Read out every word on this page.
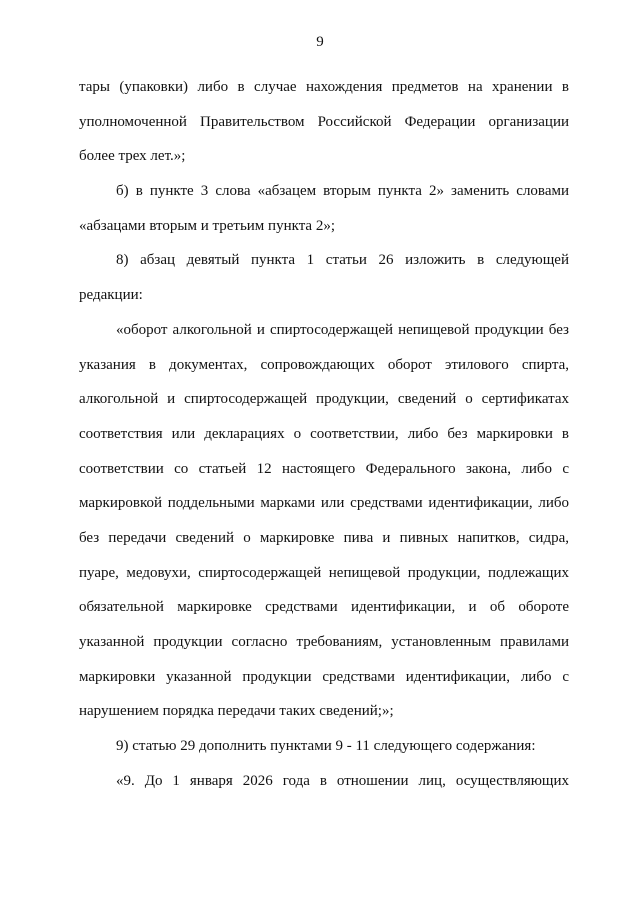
9
тары (упаковки) либо в случае нахождения предметов на хранении в
уполномоченной Правительством Российской Федерации организации
более трех лет.»;
б) в пункте 3 слова «абзацем вторым пункта 2» заменить словами
«абзацами вторым и третьим пункта 2»;
8) абзац девятый пункта 1 статьи 26 изложить в следующей
редакции:
«оборот алкогольной и спиртосодержащей непищевой продукции без
указания в документах, сопровождающих оборот этилового спирта,
алкогольной и спиртосодержащей продукции, сведений о сертификатах
соответствия или декларациях о соответствии, либо без маркировки в
соответствии со статьей 12 настоящего Федерального закона, либо с
маркировкой поддельными марками или средствами идентификации, либо
без передачи сведений о маркировке пива и пивных напитков, сидра,
пуаре, медовухи, спиртосодержащей непищевой продукции, подлежащих
обязательной маркировке средствами идентификации, и об обороте
указанной продукции согласно требованиям, установленным правилами
маркировки указанной продукции средствами идентификации, либо с
нарушением порядка передачи таких сведений;»;
9) статью 29 дополнить пунктами 9 - 11 следующего содержания:
«9. До 1 января 2026 года в отношении лиц, осуществляющих
